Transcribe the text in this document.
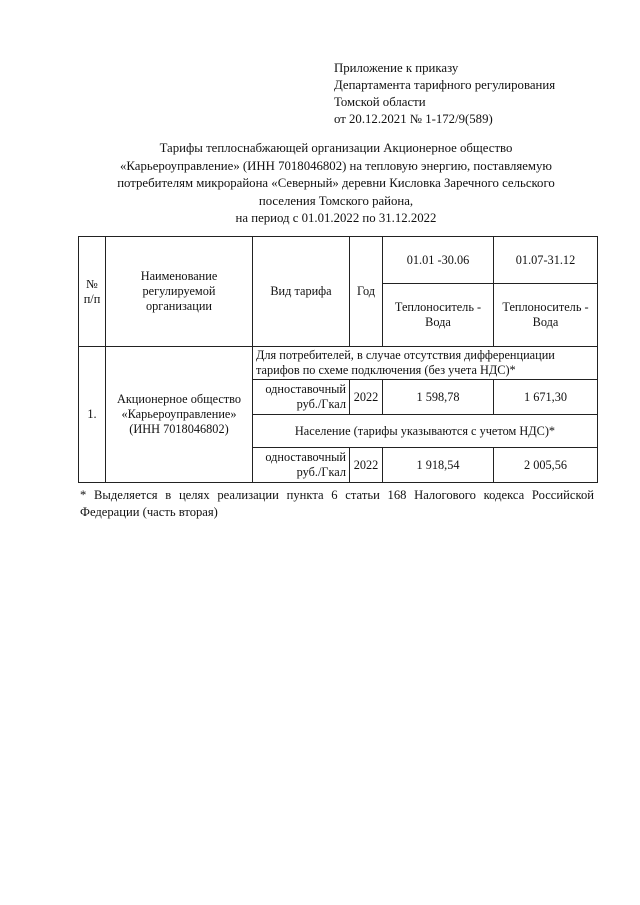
Приложение к приказу
Департамента тарифного регулирования
Томской области
от 20.12.2021 № 1-172/9(589)
Тарифы теплоснабжающей организации Акционерное общество
«Карьероуправление» (ИНН 7018046802) на тепловую энергию, поставляемую
потребителям микрорайона «Северный» деревни Кисловка Заречного сельского
поселения Томского района,
на период с 01.01.2022 по 31.12.2022
№ п/п	Наименование регулируемой организации	Вид тарифа	Год	01.01 -30.06	01.07-31.12
				Теплоноситель - Вода	Теплоноситель - Вода
1.	Акционерное общество «Карьероуправление» (ИНН 7018046802)	Для потребителей, в случае отсутствия дифференциации тарифов по схеме подключения (без учета НДС)*			
		одноставочный руб./Гкал	2022	1 598,78	1 671,30
		Население (тарифы указываются с учетом НДС)*			
		одноставочный руб./Гкал	2022	1 918,54	2 005,56
* Выделяется в целях реализации пункта 6 статьи 168 Налогового кодекса Российской Федерации (часть вторая)
